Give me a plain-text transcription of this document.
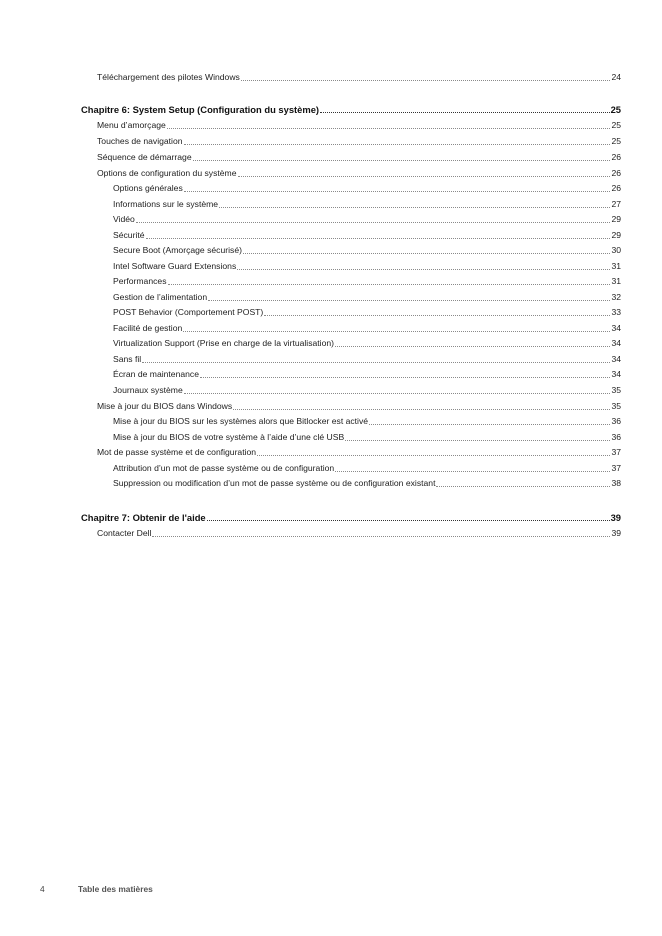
Téléchargement des pilotes Windows	24
Chapitre 6: System Setup (Configuration du système)	25
Menu d’amorçage	25
Touches de navigation	25
Séquence de démarrage	26
Options de configuration du système	26
Options générales	26
Informations sur le système	27
Vidéo	29
Sécurité	29
Secure Boot (Amorçage sécurisé)	30
Intel Software Guard Extensions	31
Performances	31
Gestion de l’alimentation	32
POST Behavior (Comportement POST)	33
Facilité de gestion	34
Virtualization Support (Prise en charge de la virtualisation)	34
Sans fil	34
Écran de maintenance	34
Journaux système	35
Mise à jour du BIOS dans Windows	35
Mise à jour du BIOS sur les systèmes alors que Bitlocker est activé	36
Mise à jour du BIOS de votre système à l’aide d’une clé USB	36
Mot de passe système et de configuration	37
Attribution d’un mot de passe système ou de configuration	37
Suppression ou modification d’un mot de passe système ou de configuration existant	38
Chapitre 7: Obtenir de l'aide	39
Contacter Dell	39
4	Table des matières
